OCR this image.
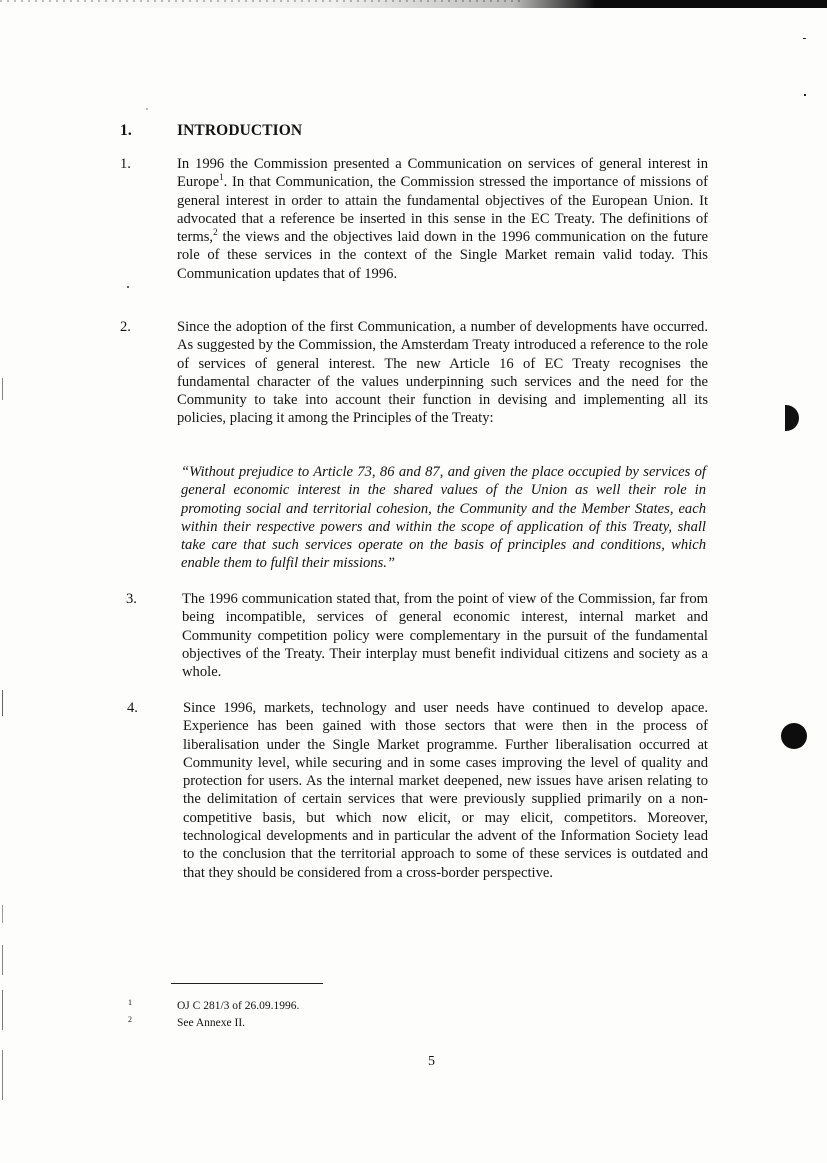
1.	INTRODUCTION
1.	In 1996 the Commission presented a Communication on services of general interest in Europe$^1$. In that Communication, the Commission stressed the importance of missions of general interest in order to attain the fundamental objectives of the European Union. It advocated that a reference be inserted in this sense in the EC Treaty. The definitions of terms,$^2$ the views and the objectives laid down in the 1996 communication on the future role of these services in the context of the Single Market remain valid today. This Communication updates that of 1996.
2.	Since the adoption of the first Communication, a number of developments have occurred. As suggested by the Commission, the Amsterdam Treaty introduced a reference to the role of services of general interest. The new Article 16 of EC Treaty recognises the fundamental character of the values underpinning such services and the need for the Community to take into account their function in devising and implementing all its policies, placing it among the Principles of the Treaty:
“Without prejudice to Article 73, 86 and 87, and given the place occupied by services of general economic interest in the shared values of the Union as well their role in promoting social and territorial cohesion, the Community and the Member States, each within their respective powers and within the scope of application of this Treaty, shall take care that such services operate on the basis of principles and conditions, which enable them to fulfil their missions.”
3.	The 1996 communication stated that, from the point of view of the Commission, far from being incompatible, services of general economic interest, internal market and Community competition policy were complementary in the pursuit of the fundamental objectives of the Treaty. Their interplay must benefit individual citizens and society as a whole.
4.	Since 1996, markets, technology and user needs have continued to develop apace. Experience has been gained with those sectors that were then in the process of liberalisation under the Single Market programme. Further liberalisation occurred at Community level, while securing and in some cases improving the level of quality and protection for users. As the internal market deepened, new issues have arisen relating to the delimitation of certain services that were previously supplied primarily on a non-competitive basis, but which now elicit, or may elicit, competitors. Moreover, technological developments and in particular the advent of the Information Society lead to the conclusion that the territorial approach to some of these services is outdated and that they should be considered from a cross-border perspective.
1	OJ C 281/3 of 26.09.1996.
2	See Annexe II.
5
